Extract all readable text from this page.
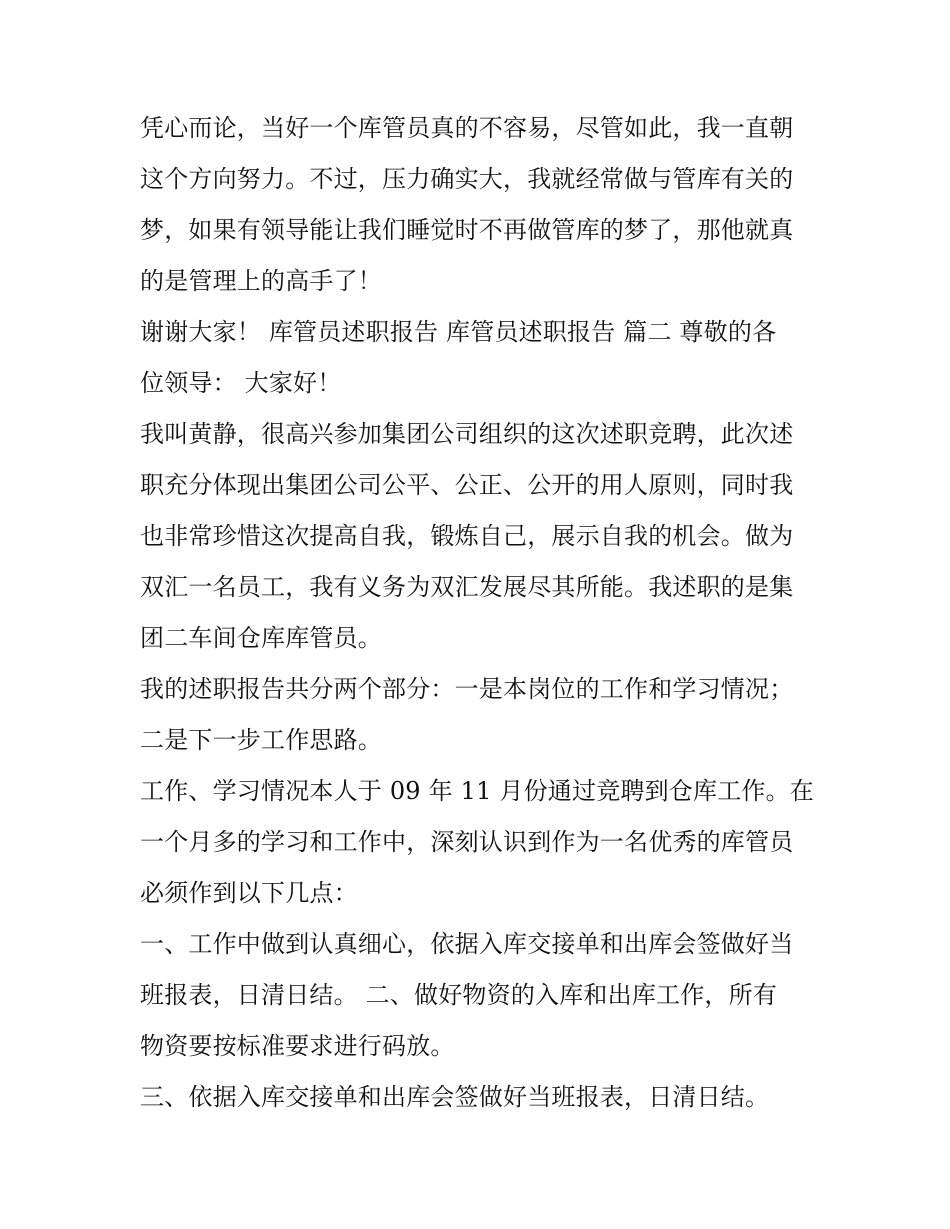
凭心而论，当好一个库管员真的不容易，尽管如此，我一直朝
这个方向努力。不过，压力确实大，我就经常做与管库有关的
梦，如果有领导能让我们睡觉时不再做管库的梦了，那他就真
的是管理上的高手了！

谢谢大家！ 库管员述职报告 库管员述职报告 篇二 尊敬的各
位领导： 大家好！

我叫黄静，很高兴参加集团公司组织的这次述职竞聘，此次述
职充分体现出集团公司公平、公正、公开的用人原则，同时我
也非常珍惜这次提高自我，锻炼自己，展示自我的机会。做为
双汇一名员工，我有义务为双汇发展尽其所能。我述职的是集
团二车间仓库库管员。

我的述职报告共分两个部分：一是本岗位的工作和学习情况；
二是下一步工作思路。

工作、学习情况本人于 09 年 11 月份通过竞聘到仓库工作。在
一个月多的学习和工作中，深刻认识到作为一名优秀的库管员
必须作到以下几点：

一、工作中做到认真细心，依据入库交接单和出库会签做好当
班报表，日清日结。 二、做好物资的入库和出库工作，所有
物资要按标准要求进行码放。

三、依据入库交接单和出库会签做好当班报表，日清日结。
